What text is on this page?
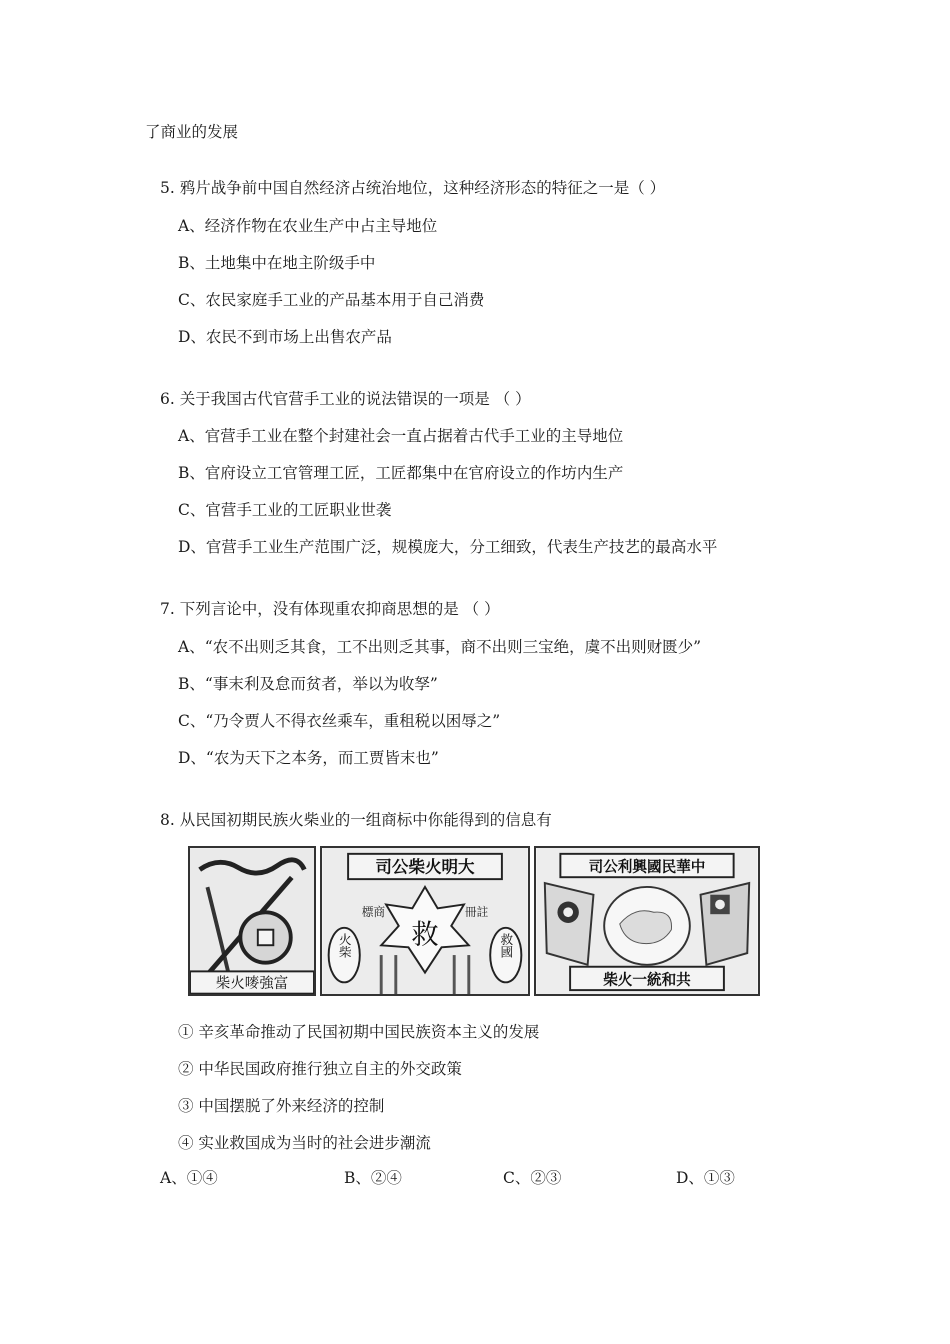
了商业的发展
5. 鸦片战争前中国自然经济占统治地位，这种经济形态的特征之一是（ ）
A、经济作物在农业生产中占主导地位
B、土地集中在地主阶级手中
C、农民家庭手工业的产品基本用于自己消费
D、农民不到市场上出售农产品
6. 关于我国古代官营手工业的说法错误的一项是 （ ）
A、官营手工业在整个封建社会一直占据着古代手工业的主导地位
B、官府设立工官管理工匠，工匠都集中在官府设立的作坊内生产
C、官营手工业的工匠职业世袭
D、官营手工业生产范围广泛，规模庞大，分工细致，代表生产技艺的最高水平
7. 下列言论中，没有体现重农抑商思想的是 （ ）
A、“农不出则乏其食，工不出则乏其事，商不出则三宝绝，虞不出则财匮少”
B、“事末利及怠而贫者，举以为收孥”
C、“乃令贾人不得衣丝乘车，重租税以困辱之”
D、“农为天下之本务，而工贾皆末也”
8. 从民国初期民族火柴业的一组商标中你能得到的信息有
柴火嘜強富
司公柴火明大
救
標商	冊註
火柴	救國
司公利興國民華中
柴火一統和共
① 辛亥革命推动了民国初期中国民族资本主义的发展
② 中华民国政府推行独立自主的外交政策
③ 中国摆脱了外来经济的控制
④ 实业救国成为当时的社会进步潮流
A、①④	B、②④	C、②③	D、①③
